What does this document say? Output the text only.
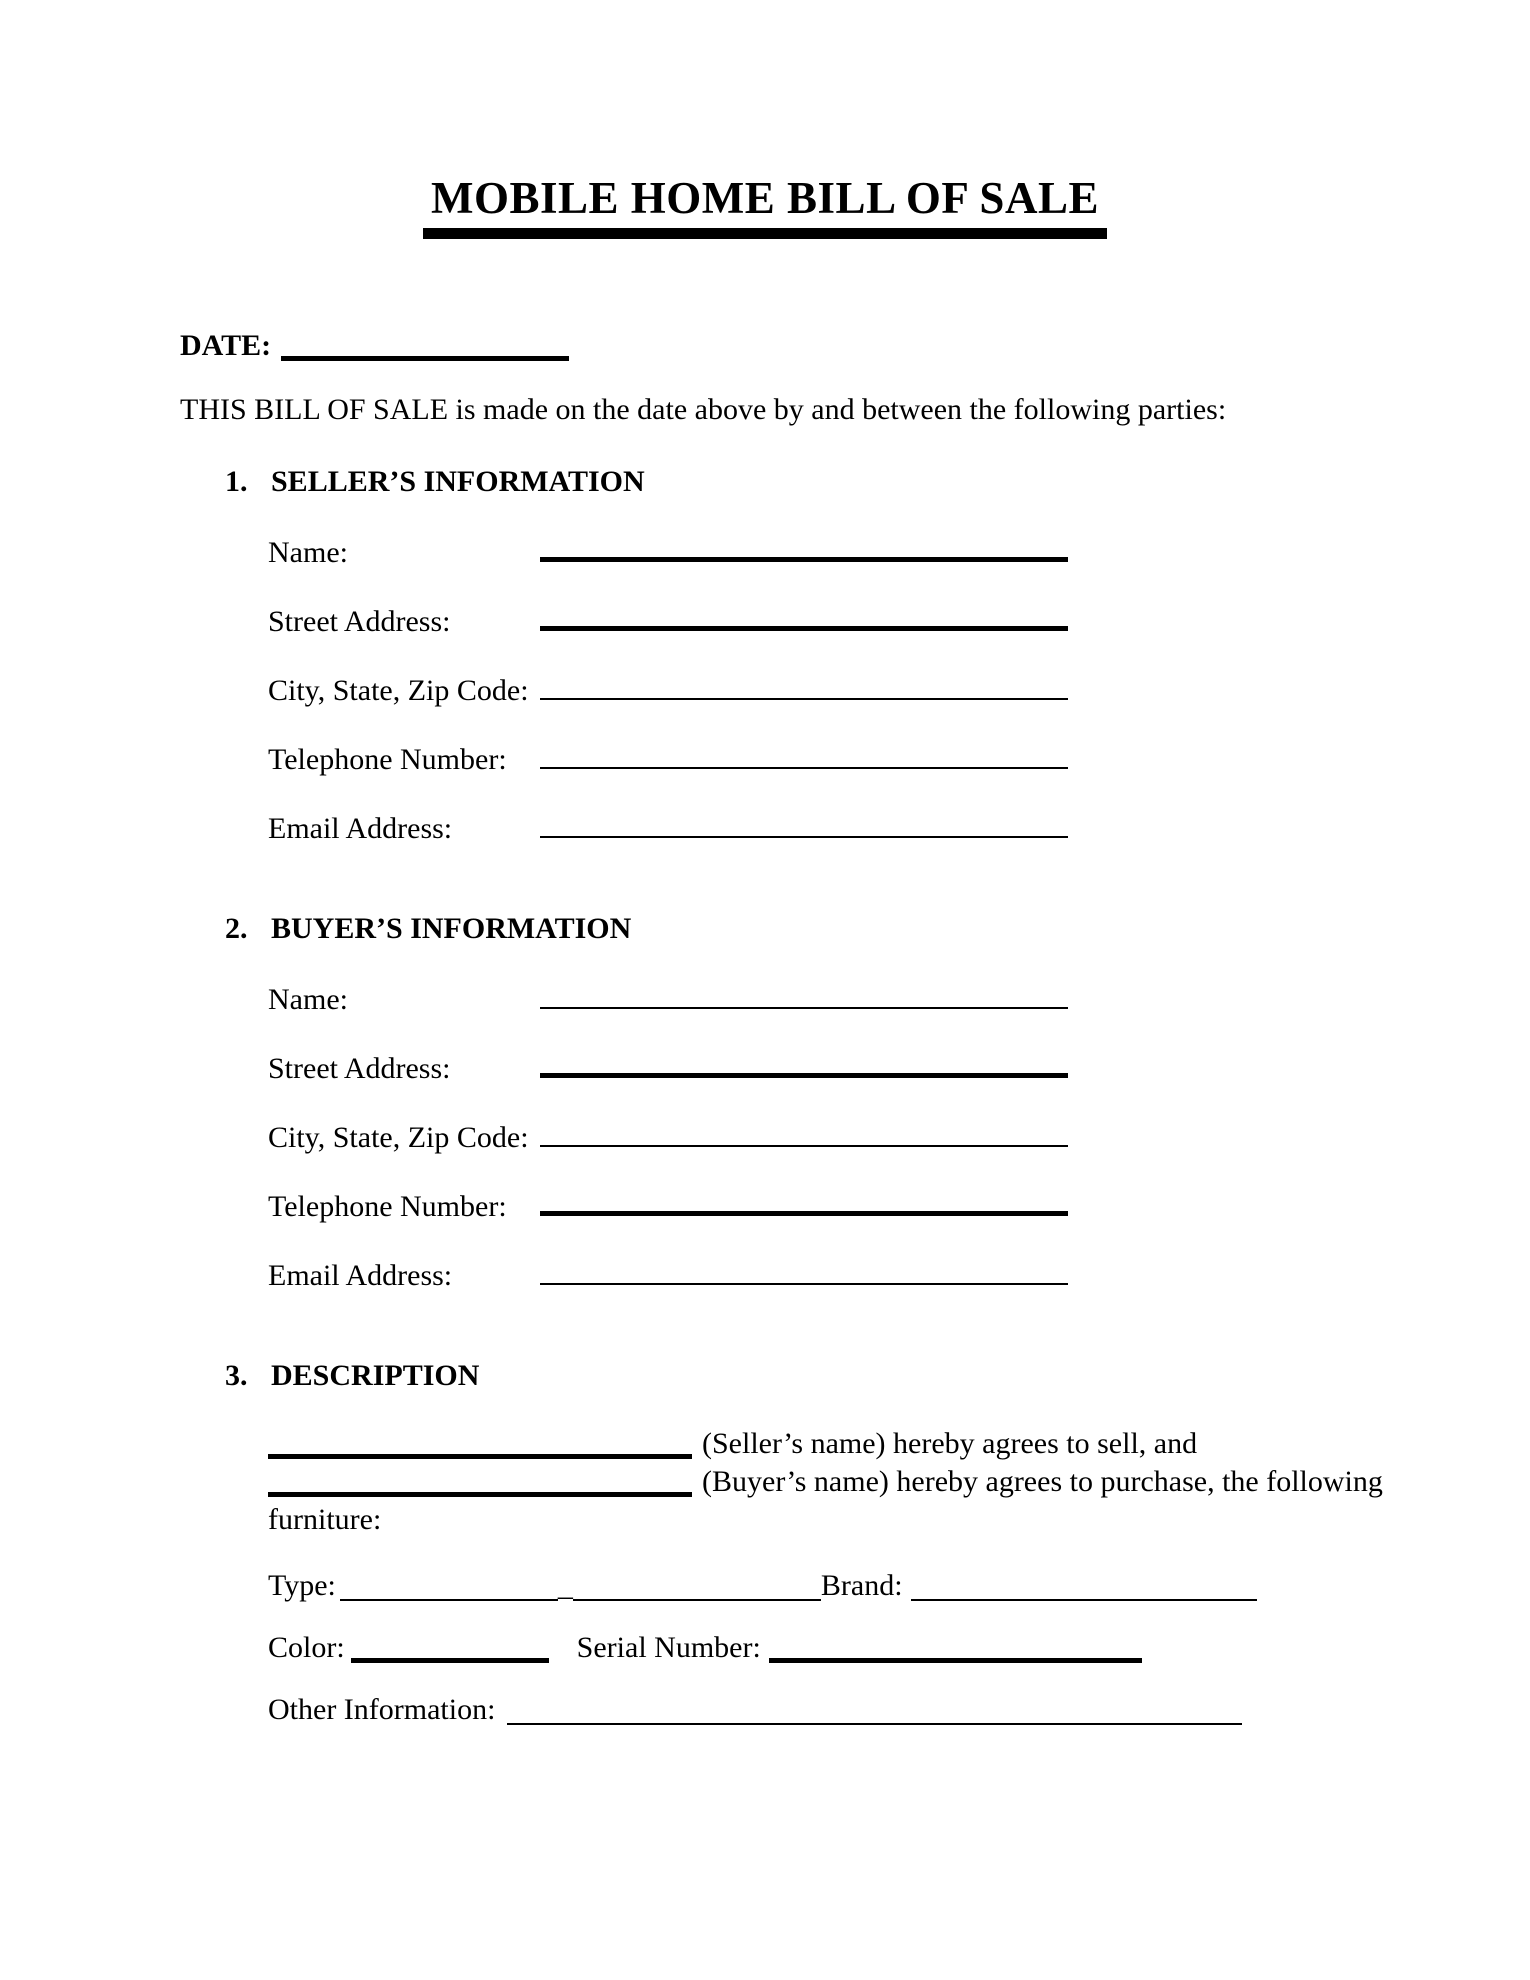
MOBILE HOME BILL OF SALE
DATE:

THIS BILL OF SALE is made on the date above by and between the following parties:

1. SELLER’S INFORMATION
Name:
Street Address:
City, State, Zip Code:
Telephone Number:
Email Address:
2. BUYER’S INFORMATION
Name:
Street Address:
City, State, Zip Code:
Telephone Number:
Email Address:
3. DESCRIPTION
(Seller’s name) hereby agrees to sell, and
(Buyer’s name) hereby agrees to purchase, the following
furniture:
Type:	_	Brand:
Color:	Serial Number:
Other Information:
